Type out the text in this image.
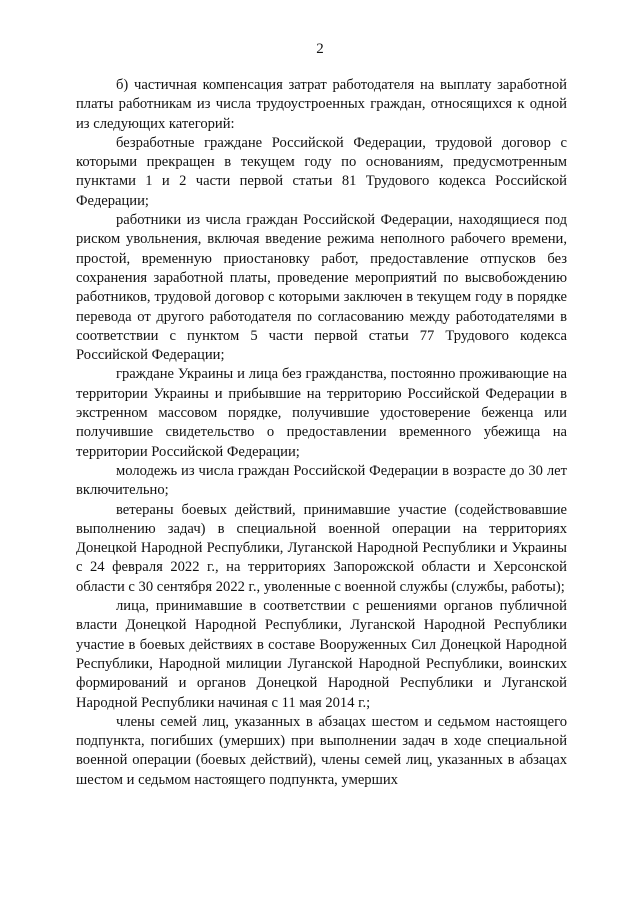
2

б) частичная компенсация затрат работодателя на выплату заработной платы работникам из числа трудоустроенных граждан, относящихся к одной из следующих категорий:

безработные граждане Российской Федерации, трудовой договор с которыми прекращен в текущем году по основаниям, предусмотренным пунктами 1 и 2 части первой статьи 81 Трудового кодекса Российской Федерации;

работники из числа граждан Российской Федерации, находящиеся под риском увольнения, включая введение режима неполного рабочего времени, простой, временную приостановку работ, предоставление отпусков без сохранения заработной платы, проведение мероприятий по высвобождению работников, трудовой договор с которыми заключен в текущем году в порядке перевода от другого работодателя по согласованию между работодателями в соответствии с пунктом 5 части первой статьи 77 Трудового кодекса Российской Федерации;

граждане Украины и лица без гражданства, постоянно проживающие на территории Украины и прибывшие на территорию Российской Федерации в экстренном массовом порядке, получившие удостоверение беженца или получившие свидетельство о предоставлении временного убежища на территории Российской Федерации;

молодежь из числа граждан Российской Федерации в возрасте до 30 лет включительно;

ветераны боевых действий, принимавшие участие (содействовавшие выполнению задач) в специальной военной операции на территориях Донецкой Народной Республики, Луганской Народной Республики и Украины с 24 февраля 2022 г., на территориях Запорожской области и Херсонской области с 30 сентября 2022 г., уволенные с военной службы (службы, работы);

лица, принимавшие в соответствии с решениями органов публичной власти Донецкой Народной Республики, Луганской Народной Республики участие в боевых действиях в составе Вооруженных Сил Донецкой Народной Республики, Народной милиции Луганской Народной Республики, воинских формирований и органов Донецкой Народной Республики и Луганской Народной Республики начиная с 11 мая 2014 г.;

члены семей лиц, указанных в абзацах шестом и седьмом настоящего подпункта, погибших (умерших) при выполнении задач в ходе специальной военной операции (боевых действий), члены семей лиц, указанных в абзацах шестом и седьмом настоящего подпункта, умерших
